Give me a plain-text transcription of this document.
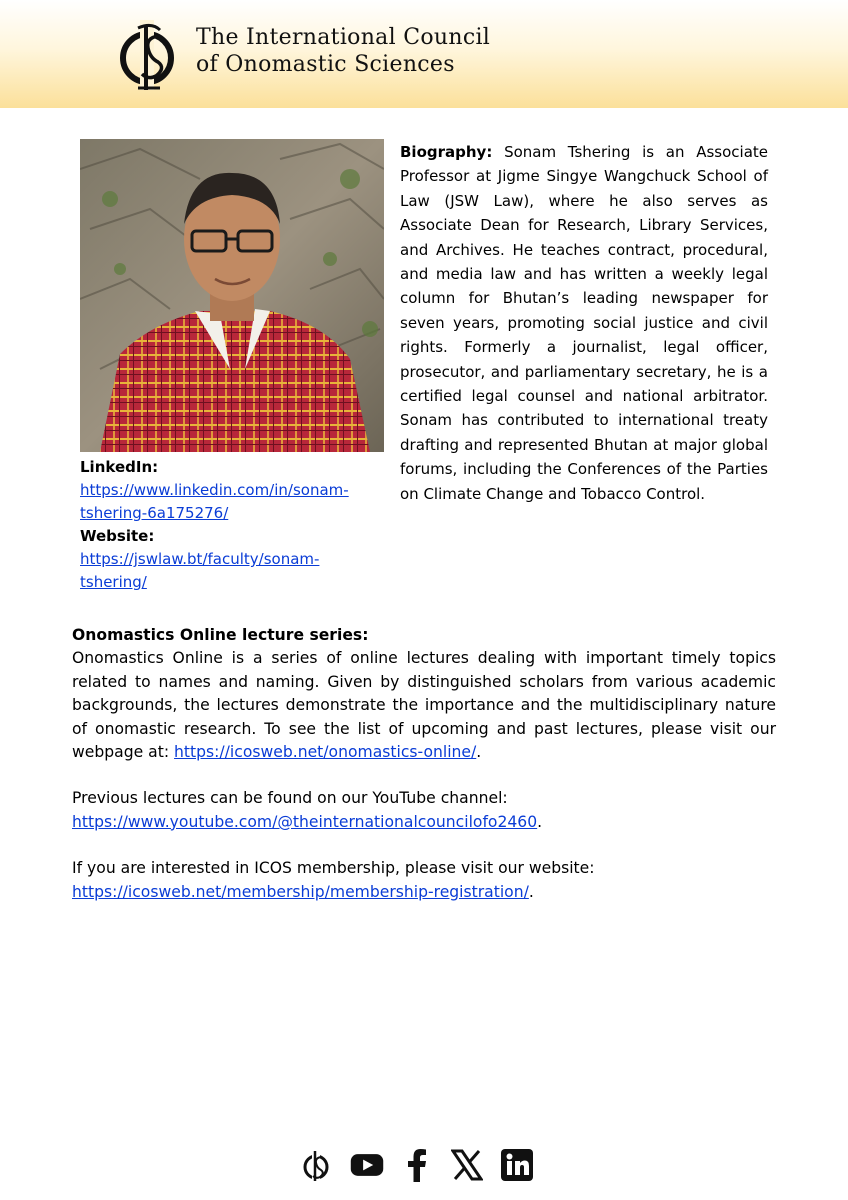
The International Council
of Onomastic Sciences
LinkedIn:
https://www.linkedin.com/in/sonam-
tshering-6a175276/
Website:
https://jswlaw.bt/faculty/sonam-
tshering/
Biography: Sonam Tshering is an Associate Professor at Jigme Singye Wangchuck School of Law (JSW Law), where he also serves as Associate Dean for Research, Library Services, and Archives. He teaches contract, procedural, and media law and has written a weekly legal column for Bhutan’s leading newspaper for seven years, promoting social justice and civil rights. Formerly a journalist, legal officer, prosecutor, and parliamentary secretary, he is a certified legal counsel and national arbitrator. Sonam has contributed to international treaty drafting and represented Bhutan at major global forums, including the Conferences of the Parties on Climate Change and Tobacco Control.

Onomastics Online lecture series:

Onomastics Online is a series of online lectures dealing with important timely topics related to names and naming. Given by distinguished scholars from various academic backgrounds, the lectures demonstrate the importance and the multidisciplinary nature of onomastic research. To see the list of upcoming and past lectures, please visit our webpage at: https://icosweb.net/onomastics-online/.

Previous lectures can be found on our YouTube channel:

https://www.youtube.com/@theinternationalcouncilofo2460.

If you are interested in ICOS membership, please visit our website:

https://icosweb.net/membership/membership-registration/.
